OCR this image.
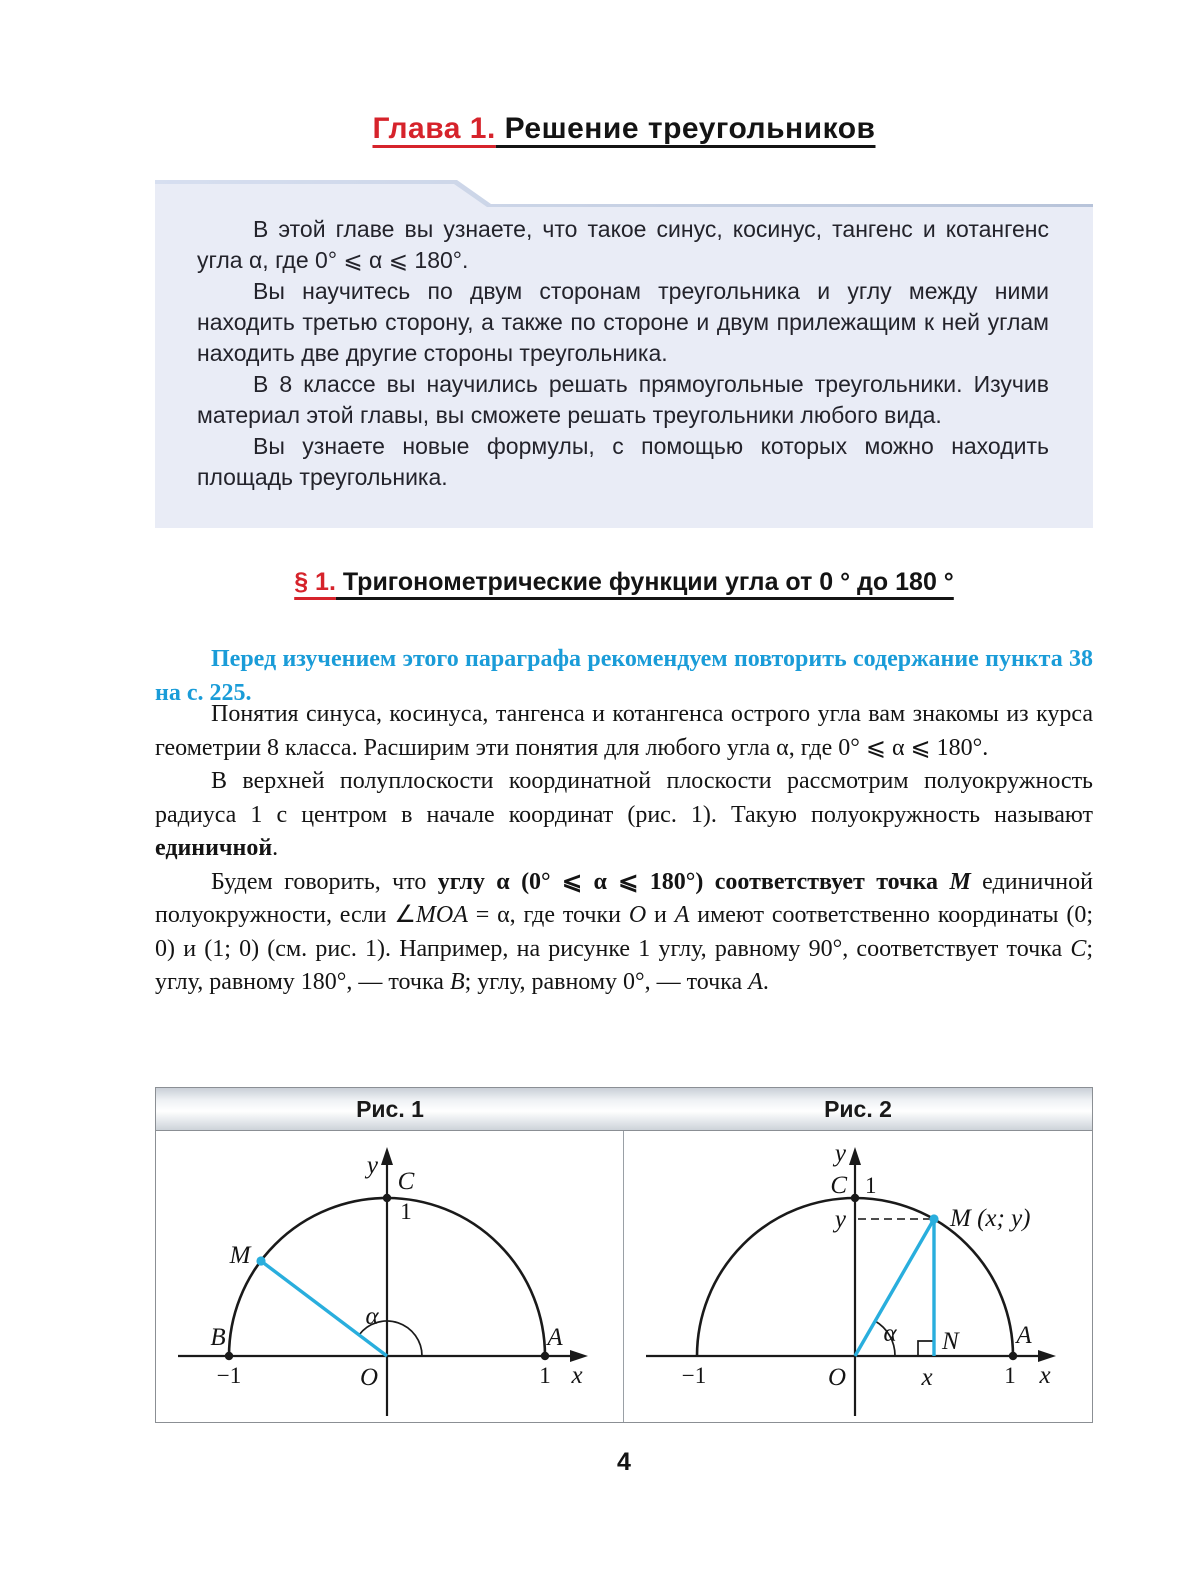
Глава 1. Решение треугольников

В этой главе вы узнаете, что такое синус, косинус, тангенс и котангенс угла α, где 0° ⩽ α ⩽ 180°.

Вы научитесь по двум сторонам треугольника и углу между ними находить третью сторону, а также по стороне и двум прилежащим к ней углам находить две другие стороны треугольника.

В 8 классе вы научились решать прямоугольные треугольники. Изучив материал этой главы, вы сможете решать треугольники любого вида.

Вы узнаете новые формулы, с помощью которых можно находить площадь треугольника.

§ 1. Тригонометрические функции угла от 0 ° до 180 °

Перед изучением этого параграфа рекомендуем повторить содержание пункта 38 на с. 225.

Понятия синуса, косинуса, тангенса и котангенса острого угла вам знакомы из курса геометрии 8 класса. Расширим эти понятия для любого угла α, где 0° ⩽ α ⩽ 180°.

В верхней полуплоскости координатной плоскости рассмотрим полуокружность радиуса 1 с центром в начале координат (рис. 1). Такую полуокружность называют единичной.

Будем говорить, что углу α (0° ⩽ α ⩽ 180°) соответствует точка M единичной полуокружности, если ∠MOA = α, где точки O и A имеют соответственно координаты (0; 0) и (1; 0) (см. рис. 1). Например, на рисунке 1 углу, равному 90°, соответствует точка C; углу, равному 180°, — точка B; углу, равному 0°, — точка A.

Рис. 1	Рис. 2
y
C
1
M
α
B
−1	O
A
1 x
y
C 1
y	M (x; y)
α N
x
A
1
−1	O	x
4
